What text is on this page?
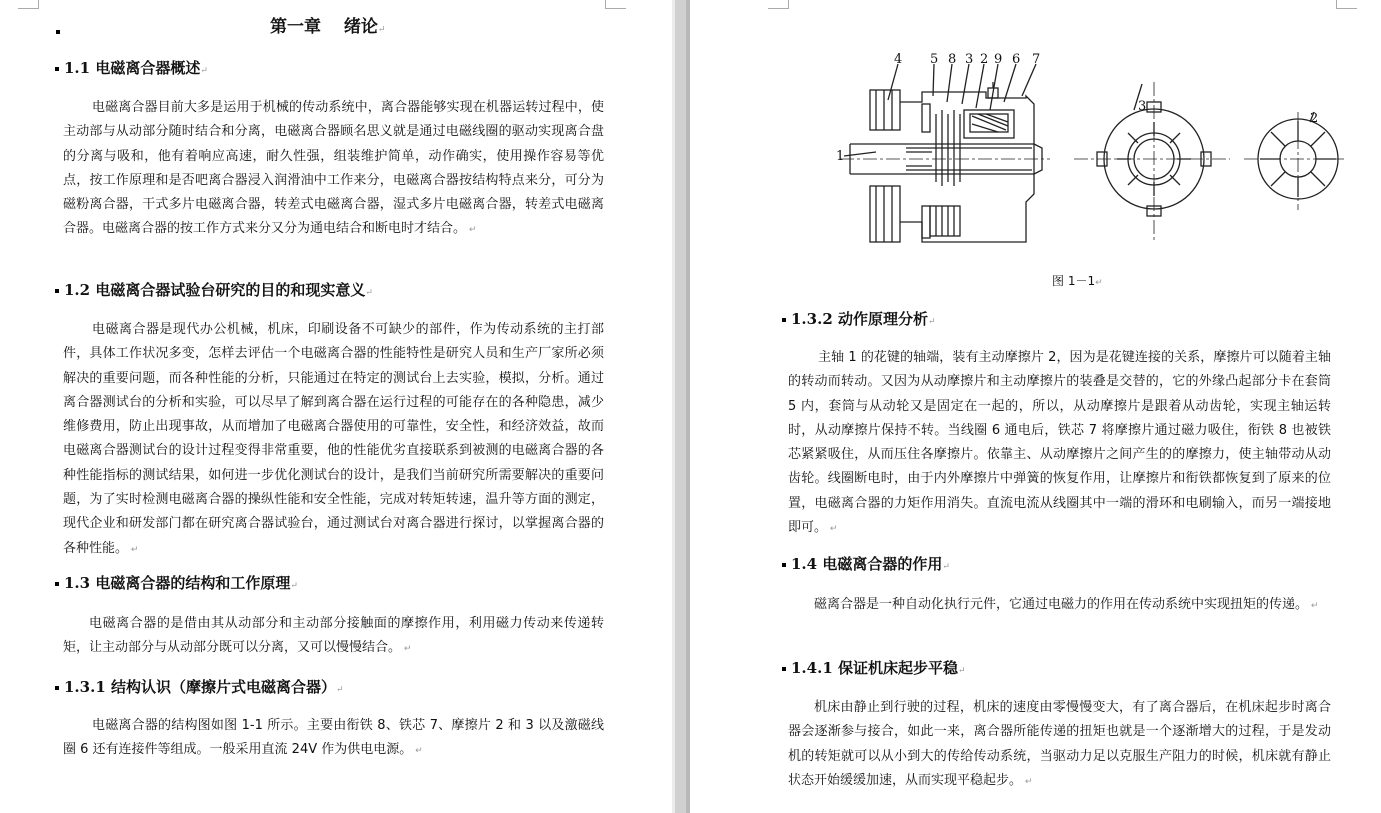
第一章　 绪论 ↵
1.1 电磁离合器概述 ↵
电磁离合器目前大多是运用于机械的传动系统中，离合器能够实现在机器运转过程中，使主动部与从动部分随时结合和分离，电磁离合器顾名思义就是通过电磁线圈的驱动实现离合盘的分离与吸和，他有着响应高速，耐久性强，组装维护简单，动作确实，使用操作容易等优点，按工作原理和是否吧离合器浸入润滑油中工作来分，电磁离合器按结构特点来分，可分为磁粉离合器，干式多片电磁离合器，转差式电磁离合器，湿式多片电磁离合器，转差式电磁离合器。电磁离合器的按工作方式来分又分为通电结合和断电时才结合。 ↵
1.2 电磁离合器试验台研究的目的和现实意义 ↵
电磁离合器是现代办公机械，机床，印刷设备不可缺少的部件，作为传动系统的主打部件，具体工作状况多变，怎样去评估一个电磁离合器的性能特性是研究人员和生产厂家所必须解决的重要问题，而各种性能的分析，只能通过在特定的测试台上去实验，模拟，分析。通过离合器测试台的分析和实验，可以尽早了解到离合器在运行过程的可能存在的各种隐患，减少维修费用，防止出现事故，从而增加了电磁离合器使用的可靠性，安全性，和经济效益，故而电磁离合器测试台的设计过程变得非常重要，他的性能优劣直接联系到被测的电磁离合器的各种性能指标的测试结果，如何进一步优化测试台的设计，是我们当前研究所需要解决的重要问题，为了实时检测电磁离合器的操纵性能和安全性能，完成对转矩转速，温升等方面的测定，现代企业和研发部门都在研究离合器试验台，通过测试台对离合器进行探讨，以掌握离合器的各种性能。 ↵
1.3 电磁离合器的结构和工作原理 ↵
电磁离合器的是借由其从动部分和主动部分接触面的摩擦作用，利用磁力传动来传递转矩，让主动部分与从动部分既可以分离，又可以慢慢结合。 ↵
1.3.1 结构认识（摩擦片式电磁离合器） ↵
电磁离合器的结构图如图 1-1 所示。主要由衔铁 8、铁芯 7、摩擦片 2 和 3 以及激磁线圈 6 还有连接件等组成。一般采用直流 24V 作为供电电源。 ↵
4 5 8 3 2 9 6 7
1
3
2
图 1－1 ↵
1.3.2 动作原理分析 ↵
主轴 1 的花键的轴端，装有主动摩擦片 2，因为是花键连接的关系，摩擦片可以随着主轴的转动而转动。又因为从动摩擦片和主动摩擦片的装叠是交替的，它的外缘凸起部分卡在套筒 5 内，套筒与从动轮又是固定在一起的，所以，从动摩擦片是跟着从动齿轮，实现主轴运转时，从动摩擦片保持不转。当线圈 6 通电后，铁芯 7 将摩擦片通过磁力吸住，衔铁 8 也被铁芯紧紧吸住，从而压住各摩擦片。依靠主、从动摩擦片之间产生的的摩擦力，使主轴带动从动齿轮。线圈断电时，由于内外摩擦片中弹簧的恢复作用，让摩擦片和衔铁都恢复到了原来的位置，电磁离合器的力矩作用消失。直流电流从线圈其中一端的滑环和电刷输入，而另一端接地即可。 ↵
1.4 电磁离合器的作用 ↵
磁离合器是一种自动化执行元件，它通过电磁力的作用在传动系统中实现扭矩的传递。 ↵
1.4.1 保证机床起步平稳 ↵
机床由静止到行驶的过程，机床的速度由零慢慢变大，有了离合器后，在机床起步时离合器会逐渐参与接合，如此一来，离合器所能传递的扭矩也就是一个逐渐增大的过程，于是发动机的转矩就可以从小到大的传给传动系统，当驱动力足以克服生产阻力的时候，机床就有静止状态开始缓缓加速，从而实现平稳起步。 ↵
